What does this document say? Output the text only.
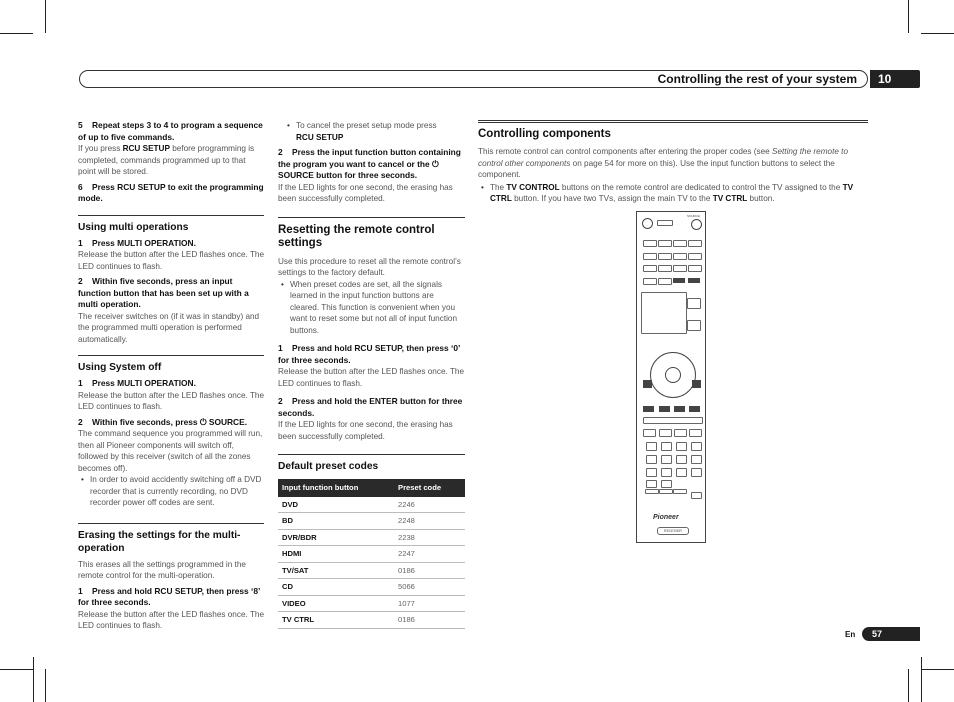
Controlling the rest of your system	10

5 Repeat steps 3 to 4 to program a sequence of up to five commands.

If you press RCU SETUP before programming is completed, commands programmed up to that point will be stored.

6 Press RCU SETUP to exit the programming mode.

Using multi operations

1 Press MULTI OPERATION.

Release the button after the LED flashes once. The LED continues to flash.

2 Within five seconds, press an input function button that has been set up with a multi operation.

The receiver switches on (if it was in standby) and the programmed multi operation is performed automatically.

Using System off

1 Press MULTI OPERATION.

Release the button after the LED flashes once. The LED continues to flash.

2 Within five seconds, press ⏻ SOURCE.

The command sequence you programmed will run, then all Pioneer components will switch off, followed by this receiver (switch of all the zones becomes off).

• In order to avoid accidently switching off a DVD recorder that is currently recording, no DVD recorder power off codes are sent.

Erasing the settings for the multi-operation

This erases all the settings programmed in the remote control for the multi-operation.

1 Press and hold RCU SETUP, then press ‘8’ for three seconds.

Release the button after the LED flashes once. The LED continues to flash.

• To cancel the preset setup mode press
RCU SETUP

2 Press the input function button containing the program you want to cancel or the ⏻ SOURCE button for three seconds.

If the LED lights for one second, the erasing has been successfully completed.

Resetting the remote control settings

Use this procedure to reset all the remote control’s settings to the factory default.

• When preset codes are set, all the signals learned in the input function buttons are cleared. This function is convenient when you want to reset some but not all of input function buttons.

1 Press and hold RCU SETUP, then press ‘0’ for three seconds.

Release the button after the LED flashes once. The LED continues to flash.

2 Press and hold the ENTER button for three seconds.

If the LED lights for one second, the erasing has been successfully completed.

Default preset codes
Input function button	Preset code
DVD	2246
BD	2248
DVR/BDR	2238
HDMI	2247
TV/SAT	0186
CD	5066
VIDEO	1077
TV CTRL	0186
Controlling components

This remote control can control components after entering the proper codes (see Setting the remote to control other components on page 54 for more on this). Use the input function buttons to select the component.

• The TV CONTROL buttons on the remote control are dedicated to control the TV assigned to the TV CTRL button. If you have two TVs, assign the main TV to the TV CTRL button.

SOURCE
Pioneer
RECEIVER
En	57
